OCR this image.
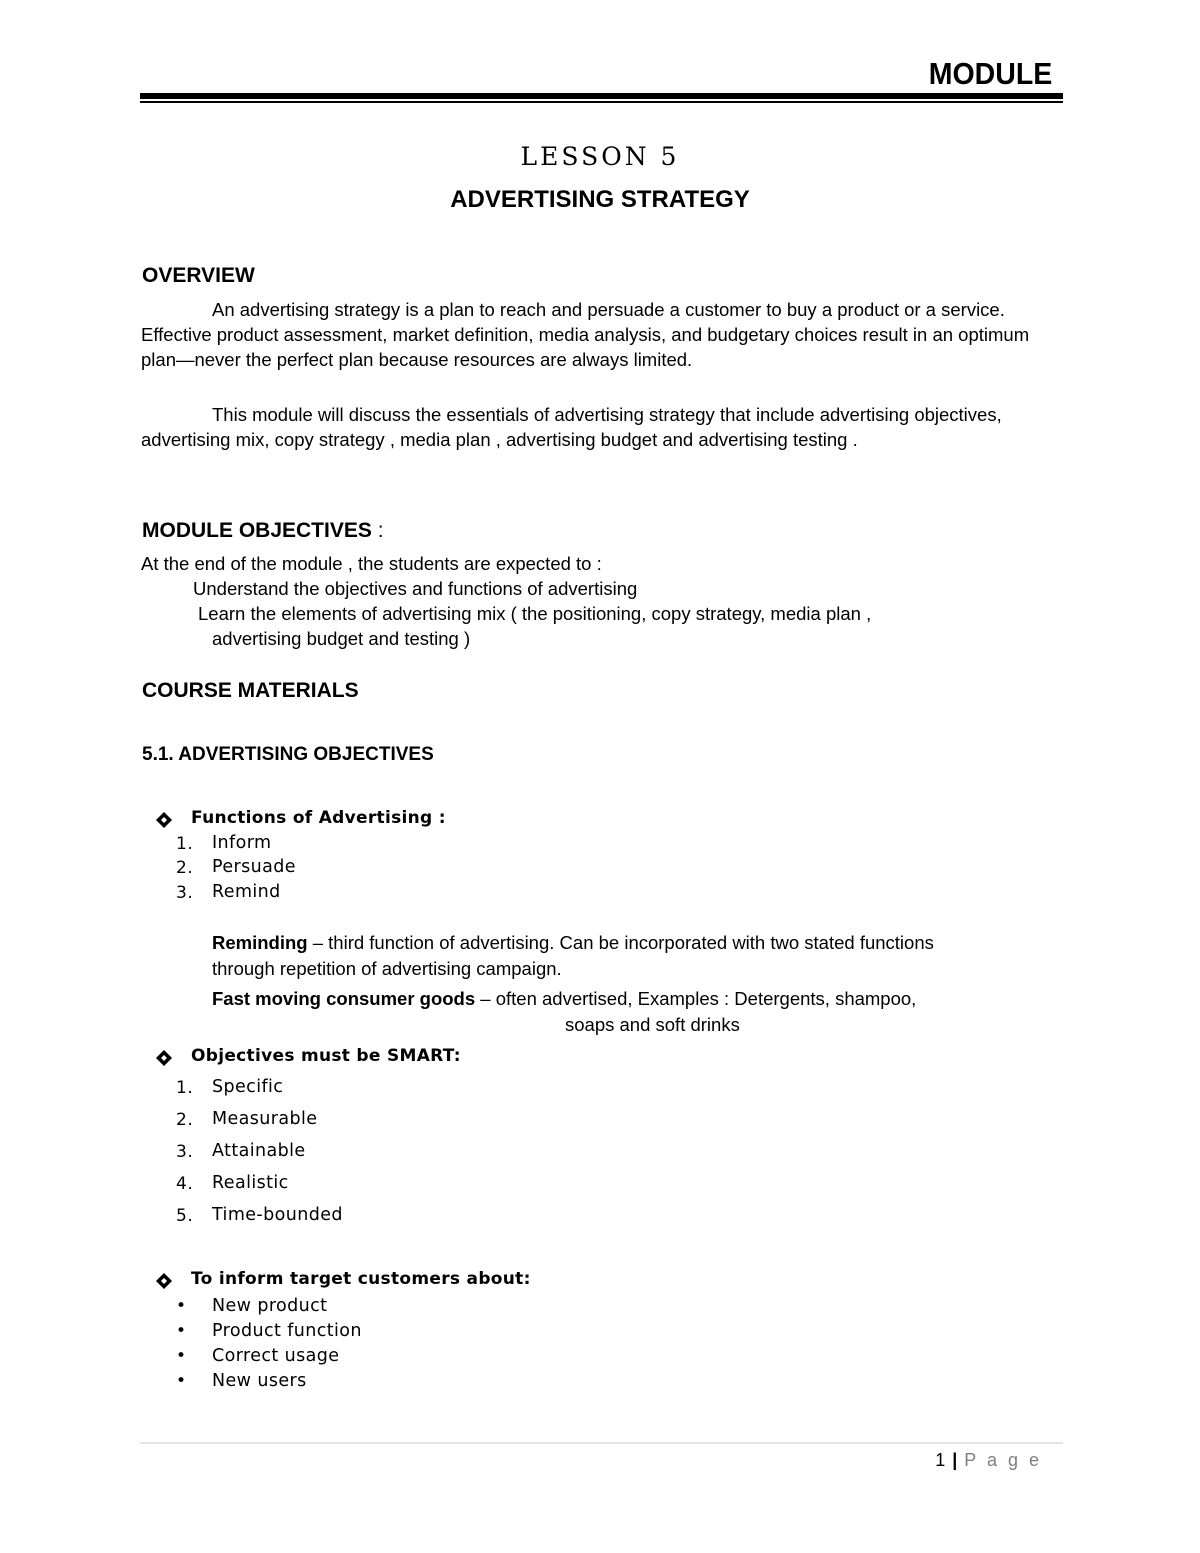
MODULE
LESSON 5
ADVERTISING STRATEGY
OVERVIEW
An advertising strategy is a plan to reach and persuade a customer to buy a product or a service. Effective product assessment, market definition, media analysis, and budgetary choices result in an optimum plan—never the perfect plan because resources are always limited.
This module will discuss the essentials of advertising strategy that include advertising objectives, advertising mix, copy strategy , media plan , advertising budget and advertising testing .
MODULE OBJECTIVES :
At the end of the module , the students are expected to :
Understand the objectives and functions of advertising
Learn the elements of advertising mix ( the positioning, copy strategy, media plan ,
advertising budget and testing )
COURSE MATERIALS
5.1. ADVERTISING OBJECTIVES
Functions of Advertising :
1. Inform
2. Persuade
3. Remind
Reminding – third function of advertising. Can be incorporated with two stated functions
through repetition of advertising campaign.
Fast moving consumer goods – often advertised, Examples : Detergents, shampoo,
soaps and soft drinks
Objectives must be SMART:
1. Specific
2. Measurable
3. Attainable
4. Realistic
5. Time-bounded
To inform target customers about:
• New product
• Product function
• Correct usage
• New users
1 | P a g e
